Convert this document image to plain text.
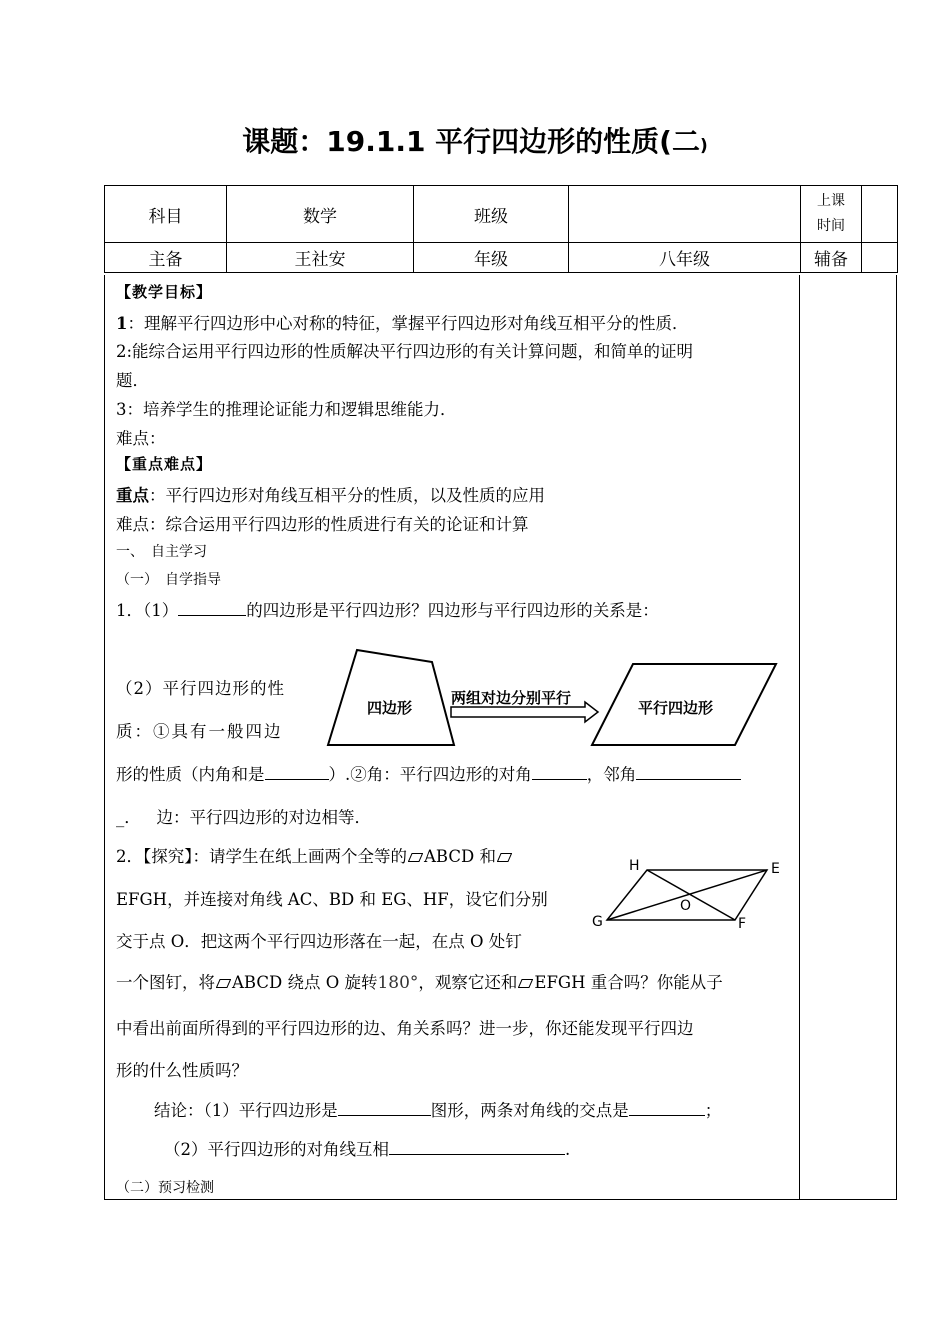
课题：19.1.1 平行四边形的性质(二)
科目	数学	班级		上课
时间	

主备	王社安	年级	八年级	辅备	
【教学目标】
1：理解平行四边形中心对称的特征，掌握平行四边形对角线互相平分的性质．
2:能综合运用平行四边形的性质解决平行四边形的有关计算问题，和简单的证明
题．
3：培养学生的推理论证能力和逻辑思维能力．
难点：
【重点难点】
重点：平行四边形对角线互相平分的性质，以及性质的应用
难点：综合运用平行四边形的性质进行有关的论证和计算
一、　自主学习
（一）　自学指导
1．（1）	的四边形是平行四边形？四边形与平行四边形的关系是：
（2）平行四边形的性
质：①具有一般四边
四边形
两组对边分别平行
平行四边形
形的性质（内角和是	）.②角：平行四边形的对角	，邻角
_． 边：平行四边形的对边相等．
2．【探究】：请学生在纸上画两个全等的 ABCD 和
EFGH，并连接对角线 AC、BD 和 EG、HF，设它们分别
交于点 O．把这两个平行四边形落在一起，在点 O 处钉
H	E
G	F
O
一个图钉，将 ABCD 绕点 O 旋转180°，观察它还和 EFGH 重合吗？你能从子
中看出前面所得到的平行四边形的边、角关系吗？进一步，你还能发现平行四边
形的什么性质吗？
结论：（1）平行四边形是	图形，两条对角线的交点是	；
（2）平行四边形的对角线互相	.
（二）预习检测
